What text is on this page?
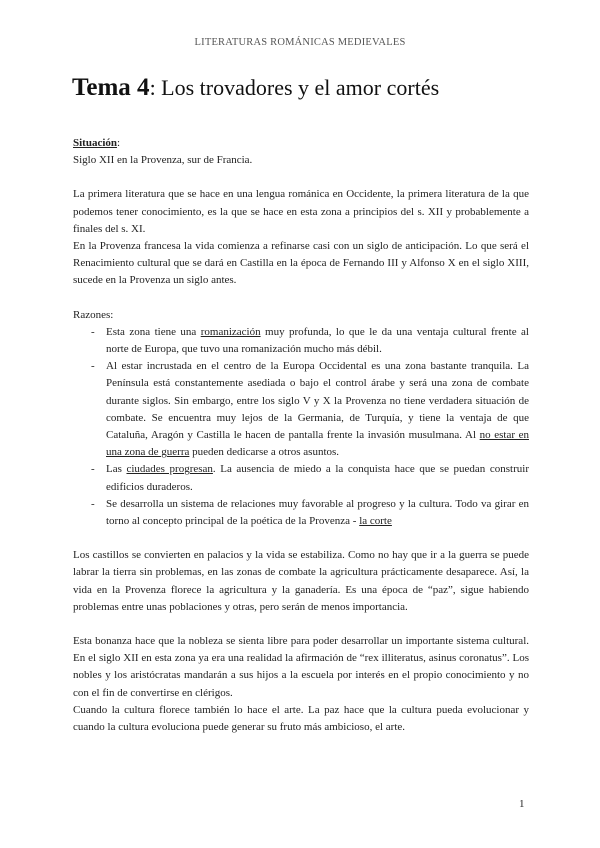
LITERATURAS ROMÁNICAS MEDIEVALES
Tema 4: Los trovadores y el amor cortés

Situación:

Siglo XII en la Provenza, sur de Francia.

La primera literatura que se hace en una lengua románica en Occidente, la primera literatura de la que podemos tener conocimiento, es la que se hace en esta zona a principios del s. XII y probablemente a finales del s. XI.

En la Provenza francesa la vida comienza a refinarse casi con un siglo de anticipación. Lo que será el Renacimiento cultural que se dará en Castilla en la época de Fernando III y Alfonso X en el siglo XIII, sucede en la Provenza un siglo antes.

Razones:

- Esta zona tiene una romanización muy profunda, lo que le da una ventaja cultural frente al norte de Europa, que tuvo una romanización mucho más débil.
- Al estar incrustada en el centro de la Europa Occidental es una zona bastante tranquila. La Península está constantemente asediada o bajo el control árabe y será una zona de combate durante siglos. Sin embargo, entre los siglo V y X la Provenza no tiene verdadera situación de combate. Se encuentra muy lejos de la Germania, de Turquía, y tiene la ventaja de que Cataluña, Aragón y Castilla le hacen de pantalla frente la invasión musulmana. Al no estar en una zona de guerra pueden dedicarse a otros asuntos.
- Las ciudades progresan. La ausencia de miedo a la conquista hace que se puedan construir edificios duraderos.
- Se desarrolla un sistema de relaciones muy favorable al progreso y la cultura. Todo va girar en torno al concepto principal de la poética de la Provenza - la corte

Los castillos se convierten en palacios y la vida se estabiliza. Como no hay que ir a la guerra se puede labrar la tierra sin problemas, en las zonas de combate la agricultura prácticamente desaparece. Así, la vida en la Provenza florece la agricultura y la ganadería. Es una época de “paz”, sigue habiendo problemas entre unas poblaciones y otras, pero serán de menos importancia.

Esta bonanza hace que la nobleza se sienta libre para poder desarrollar un importante sistema cultural. En el siglo XII en esta zona ya era una realidad la afirmación de “rex illiteratus, asinus coronatus”. Los nobles y los aristócratas mandarán a sus hijos a la escuela por interés en el propio conocimiento y no con el fin de convertirse en clérigos.

Cuando la cultura florece también lo hace el arte. La paz hace que la cultura pueda evolucionar y cuando la cultura evoluciona puede generar su fruto más ambicioso, el arte.

1
